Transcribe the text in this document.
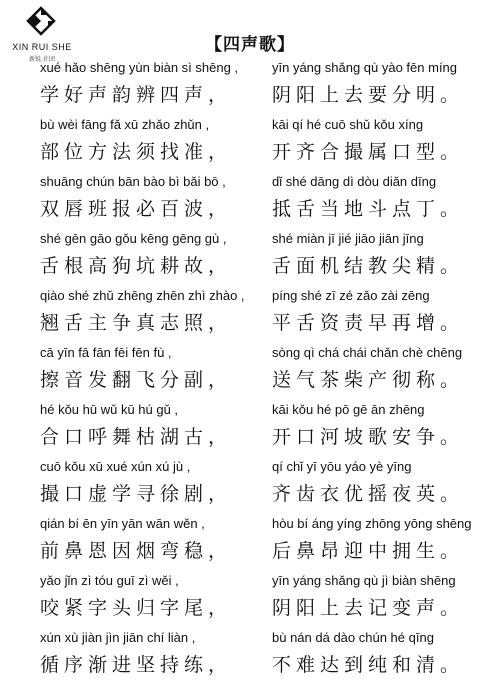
XIN RUI SHE
新锐.社团
【四声歌】
xué hǎo shēng yùn biàn sì shēng ,	yīn yáng shǎng qù yào fēn míng
学好声韵辨四声， 阴阳上去要分明。
bù wèi fāng fǎ xū zhǎo zhǔn ,	kāi qí hé cuō shǔ kǒu xíng
部位方法须找准， 开齐合撮属口型。
shuāng chún bān bào bì bǎi bō ,	dǐ shé dāng dì dòu diǎn dīng
双唇班报必百波， 抵舌当地斗点丁。
shé gēn gāo gǒu kēng gēng gù ,	shé miàn jī jié jiāo jiān jīng
舌根高狗坑耕故， 舌面机结教尖精。
qiào shé zhǔ zhēng zhēn zhì zhào , píng shé zī zé zǎo zài zēng
翘舌主争真志照， 平舌资责早再增。
cā yīn fā fān fēi fēn fù ,	sòng qì chá chái chǎn chè chēng
擦音发翻飞分副， 送气茶柴产彻称。
hé kǒu hū wǔ kū hú gǔ ,	kāi kǒu hé pō gē ān zhēng
合口呼舞枯湖古， 开口河坡歌安争。
cuō kǒu xū xué xún xú jù ,	qí chǐ yī yōu yáo yè yīng
撮口虚学寻徐剧， 齐齿衣优摇夜英。
qián bí ēn yīn yān wān wěn ,	hòu bí áng yíng zhōng yōng shēng
前鼻恩因烟弯稳， 后鼻昂迎中拥生。
yǎo jǐn zì tóu guī zì wěi ,	yīn yáng shǎng qù jì biàn shēng
咬紧字头归字尾， 阴阳上去记变声。
xún xù jiàn jìn jiān chí liàn ,	bù nán dá dào chún hé qīng
循序渐进坚持练， 不难达到纯和清。
